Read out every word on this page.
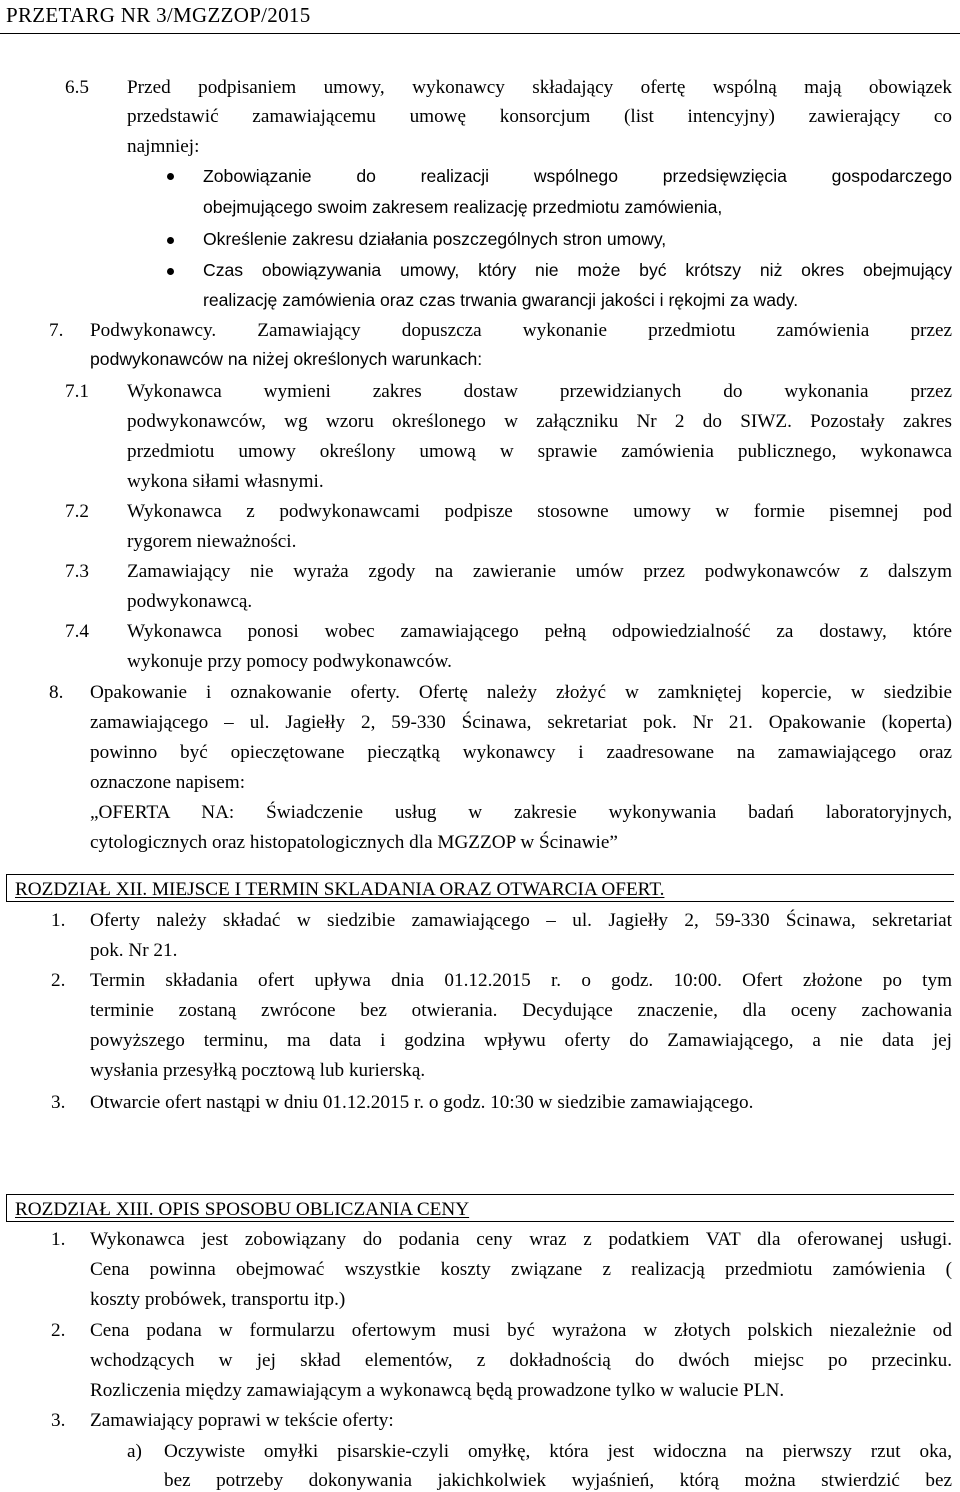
PRZETARG NR 3/MGZZOP/2015
6.5 Przed podpisaniem umowy, wykonawcy składający ofertę wspólną mają obowiązek
przedstawić zamawiającemu umowę konsorcjum (list intencyjny) zawierający co
najmniej:
Zobowiązanie do realizacji wspólnego przedsięwzięcia gospodarczego
obejmującego swoim zakresem realizację przedmiotu zamówienia,
Określenie zakresu działania poszczególnych stron umowy,
Czas obowiązywania umowy, który nie może być krótszy niż okres obejmujący
realizację zamówienia oraz czas trwania gwarancji jakości i rękojmi za wady.
7. Podwykonawcy. Zamawiający dopuszcza wykonanie przedmiotu zamówienia przez
podwykonawców na niżej określonych warunkach:
7.1 Wykonawca wymieni zakres dostaw przewidzianych do wykonania przez
podwykonawców, wg wzoru określonego w załączniku Nr 2 do SIWZ. Pozostały zakres
przedmiotu umowy określony umową w sprawie zamówienia publicznego, wykonawca
wykona siłami własnymi.
7.2 Wykonawca z podwykonawcami podpisze stosowne umowy w formie pisemnej pod
rygorem nieważności.
7.3 Zamawiający nie wyraża zgody na zawieranie umów przez podwykonawców z dalszym
podwykonawcą.
7.4 Wykonawca ponosi wobec zamawiającego pełną odpowiedzialność za dostawy, które
wykonuje przy pomocy podwykonawców.
8. Opakowanie i oznakowanie oferty. Ofertę należy złożyć w zamkniętej kopercie, w siedzibie
zamawiającego – ul. Jagiełły 2, 59-330 Ścinawa, sekretariat pok. Nr 21. Opakowanie (koperta)
powinno być opieczętowane pieczątką wykonawcy i zaadresowane na zamawiającego oraz
oznaczone napisem:
„OFERTA NA: Świadczenie usług w zakresie wykonywania badań laboratoryjnych,
cytologicznych oraz histopatologicznych dla MGZZOP w Ścinawie”
ROZDZIAŁ XII. MIEJSCE I TERMIN SKLADANIA ORAZ OTWARCIA OFERT.
1. Oferty należy składać w siedzibie zamawiającego – ul. Jagiełły 2, 59-330 Ścinawa, sekretariat
pok. Nr 21.
2. Termin składania ofert upływa dnia 01.12.2015 r. o godz. 10:00. Ofert złożone po tym
terminie zostaną zwrócone bez otwierania. Decydujące znaczenie, dla oceny zachowania
powyższego terminu, ma data i godzina wpływu oferty do Zamawiającego, a nie data jej
wysłania przesyłką pocztową lub kurierską.
3. Otwarcie ofert nastąpi w dniu 01.12.2015 r. o godz. 10:30 w siedzibie zamawiającego.
ROZDZIAŁ XIII. OPIS SPOSOBU OBLICZANIA CENY
1. Wykonawca jest zobowiązany do podania ceny wraz z podatkiem VAT dla oferowanej usługi.
Cena powinna obejmować wszystkie koszty związane z realizacją przedmiotu zamówienia (
koszty probówek, transportu itp.)
2. Cena podana w formularzu ofertowym musi być wyrażona w złotych polskich niezależnie od
wchodzących w jej skład elementów, z dokładnością do dwóch miejsc po przecinku.
Rozliczenia między zamawiającym a wykonawcą będą prowadzone tylko w walucie PLN.
3. Zamawiający poprawi w tekście oferty:
a) Oczywiste omyłki pisarskie-czyli omyłkę, która jest widoczna na pierwszy rzut oka,
bez potrzeby dokonywania jakichkolwiek wyjaśnień, którą można stwierdzić bez
